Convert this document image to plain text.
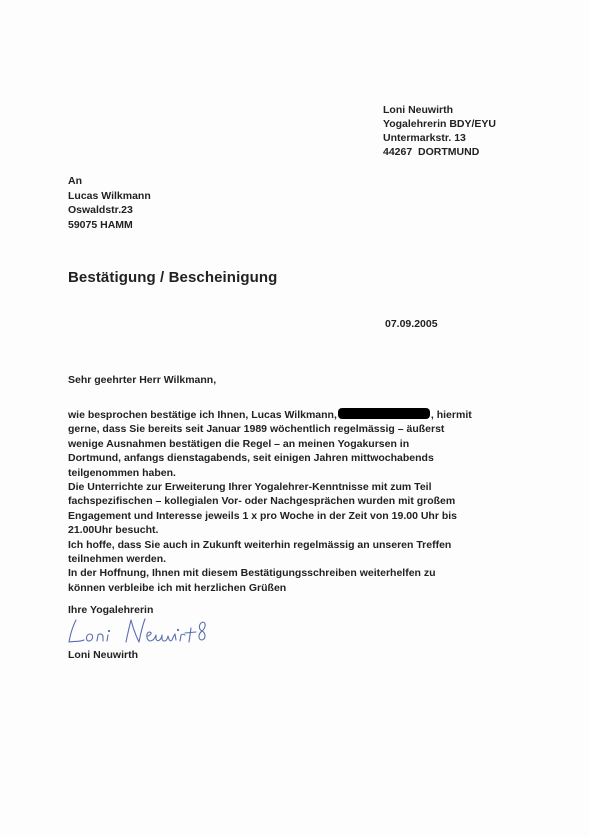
Loni Neuwirth
Yogalehrerin BDY/EYU
Untermarkstr. 13
44267  DORTMUND
An
Lucas Wilkmann
Oswaldstr.23
59075 HAMM
Bestätigung / Bescheinigung
07.09.2005
Sehr geehrter Herr Wilkmann,
wie besprochen bestätige ich Ihnen, Lucas Wilkmann,	, hiermit
gerne, dass Sie bereits seit Januar 1989 wöchentlich regelmässig – äußerst
wenige Ausnahmen bestätigen die Regel – an meinen Yogakursen in
Dortmund, anfangs dienstagabends, seit einigen Jahren mittwochabends
teilgenommen haben.
Die Unterrichte zur Erweiterung Ihrer Yogalehrer-Kenntnisse mit zum Teil
fachspezifischen – kollegialen Vor- oder Nachgesprächen wurden mit großem
Engagement und Interesse jeweils 1 x pro Woche in der Zeit von 19.00 Uhr bis
21.00Uhr besucht.
Ich hoffe, dass Sie auch in Zukunft weiterhin regelmässig an unseren Treffen
teilnehmen werden.
In der Hoffnung, Ihnen mit diesem Bestätigungsschreiben weiterhelfen zu
können verbleibe ich mit herzlichen Grüßen
Ihre Yogalehrerin
Loni Neuwirth
